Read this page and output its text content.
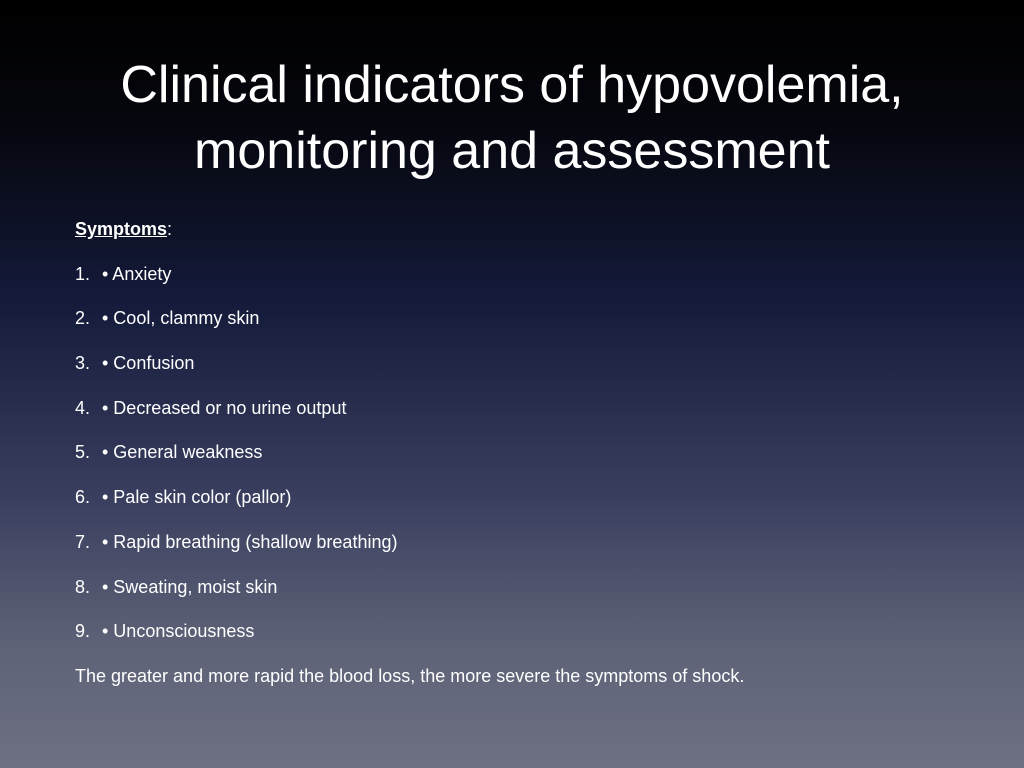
Clinical indicators of hypovolemia,
monitoring and assessment

Symptoms:

1. • Anxiety
2. • Cool, clammy skin
3. • Confusion
4. • Decreased or no urine output
5. • General weakness
6. • Pale skin color (pallor)
7. • Rapid breathing (shallow breathing)
8. • Sweating, moist skin
9. • Unconsciousness

The greater and more rapid the blood loss, the more severe the symptoms of shock.
